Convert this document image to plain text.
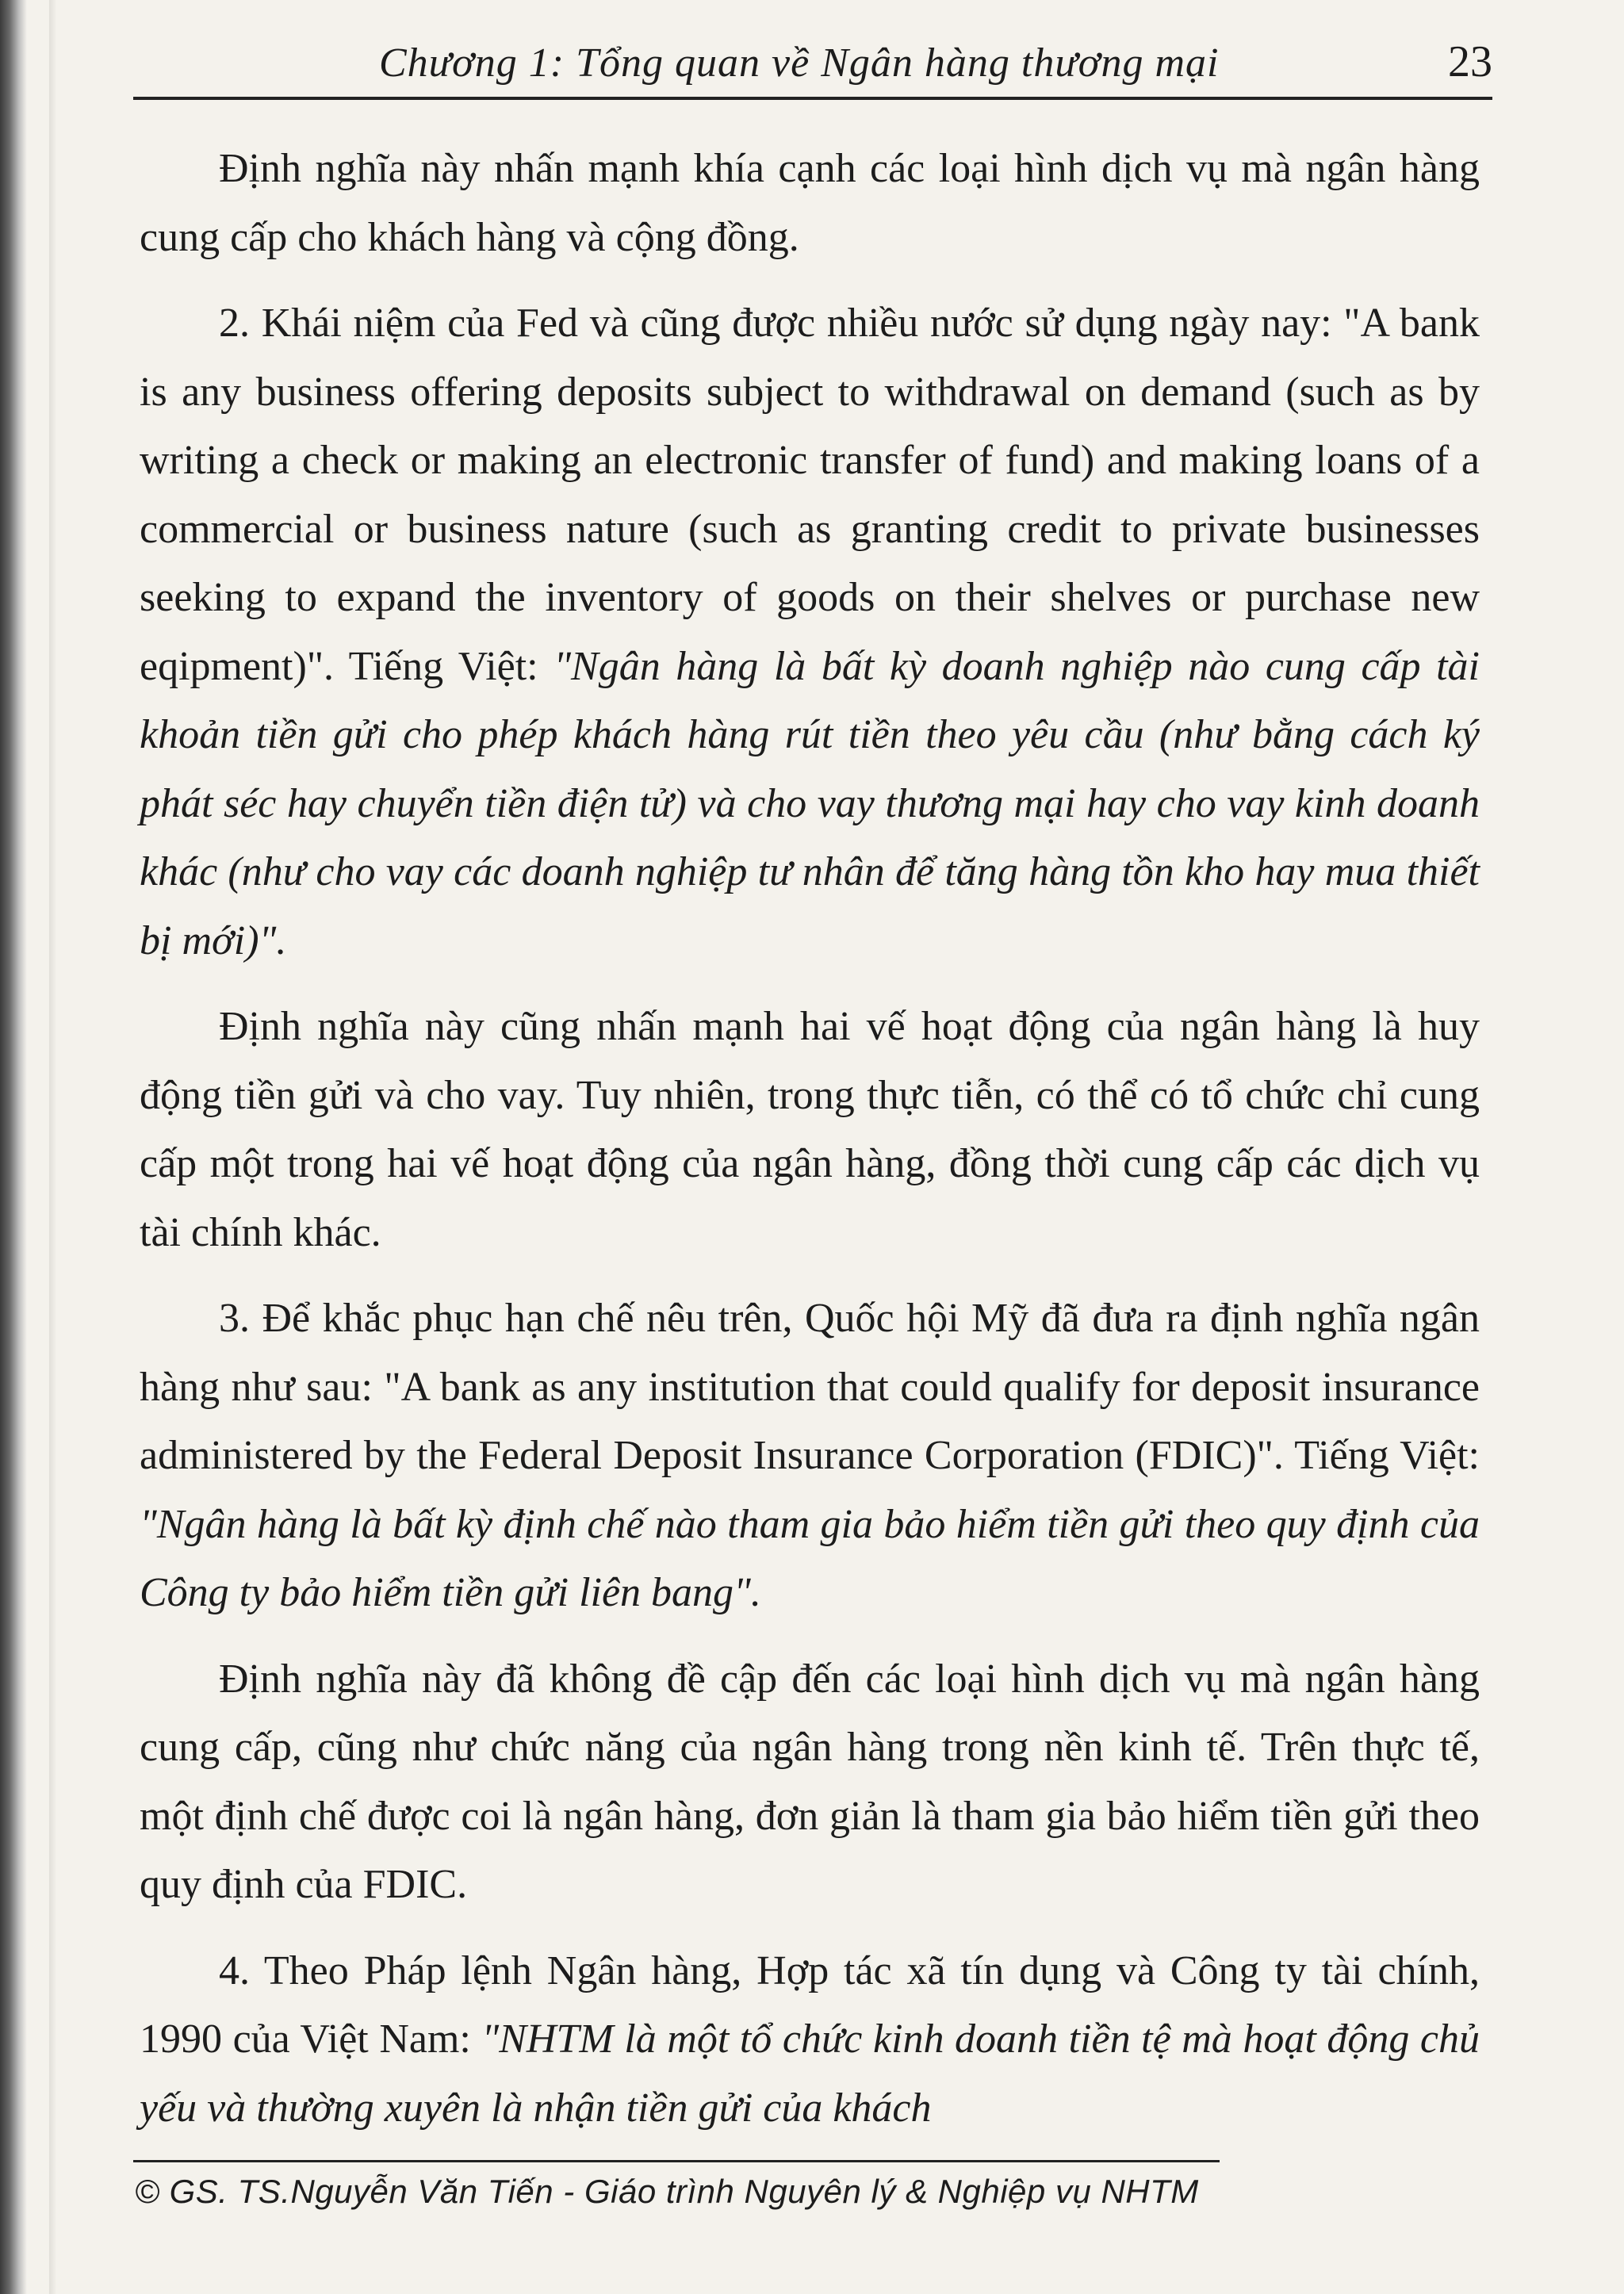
Chương 1: Tổng quan về Ngân hàng thương mại	23

Định nghĩa này nhấn mạnh khía cạnh các loại hình dịch vụ mà ngân hàng cung cấp cho khách hàng và cộng đồng.

2. Khái niệm của Fed và cũng được nhiều nước sử dụng ngày nay: "A bank is any business offering deposits subject to withdrawal on demand (such as by writing a check or making an electronic transfer of fund) and making loans of a commercial or business nature (such as granting credit to private businesses seeking to expand the inventory of goods on their shelves or purchase new eqipment)". Tiếng Việt: "Ngân hàng là bất kỳ doanh nghiệp nào cung cấp tài khoản tiền gửi cho phép khách hàng rút tiền theo yêu cầu (như bằng cách ký phát séc hay chuyển tiền điện tử) và cho vay thương mại hay cho vay kinh doanh khác (như cho vay các doanh nghiệp tư nhân để tăng hàng tồn kho hay mua thiết bị mới)".

Định nghĩa này cũng nhấn mạnh hai vế hoạt động của ngân hàng là huy động tiền gửi và cho vay. Tuy nhiên, trong thực tiễn, có thể có tổ chức chỉ cung cấp một trong hai vế hoạt động của ngân hàng, đồng thời cung cấp các dịch vụ tài chính khác.

3. Để khắc phục hạn chế nêu trên, Quốc hội Mỹ đã đưa ra định nghĩa ngân hàng như sau: "A bank as any institution that could qualify for deposit insurance administered by the Federal Deposit Insurance Corporation (FDIC)". Tiếng Việt: "Ngân hàng là bất kỳ định chế nào tham gia bảo hiểm tiền gửi theo quy định của Công ty bảo hiểm tiền gửi liên bang".

Định nghĩa này đã không đề cập đến các loại hình dịch vụ mà ngân hàng cung cấp, cũng như chức năng của ngân hàng trong nền kinh tế. Trên thực tế, một định chế được coi là ngân hàng, đơn giản là tham gia bảo hiểm tiền gửi theo quy định của FDIC.

4. Theo Pháp lệnh Ngân hàng, Hợp tác xã tín dụng và Công ty tài chính, 1990 của Việt Nam: "NHTM là một tổ chức kinh doanh tiền tệ mà hoạt động chủ yếu và thường xuyên là nhận tiền gửi của khách

© GS. TS.Nguyễn Văn Tiến - Giáo trình Nguyên lý & Nghiệp vụ NHTM
